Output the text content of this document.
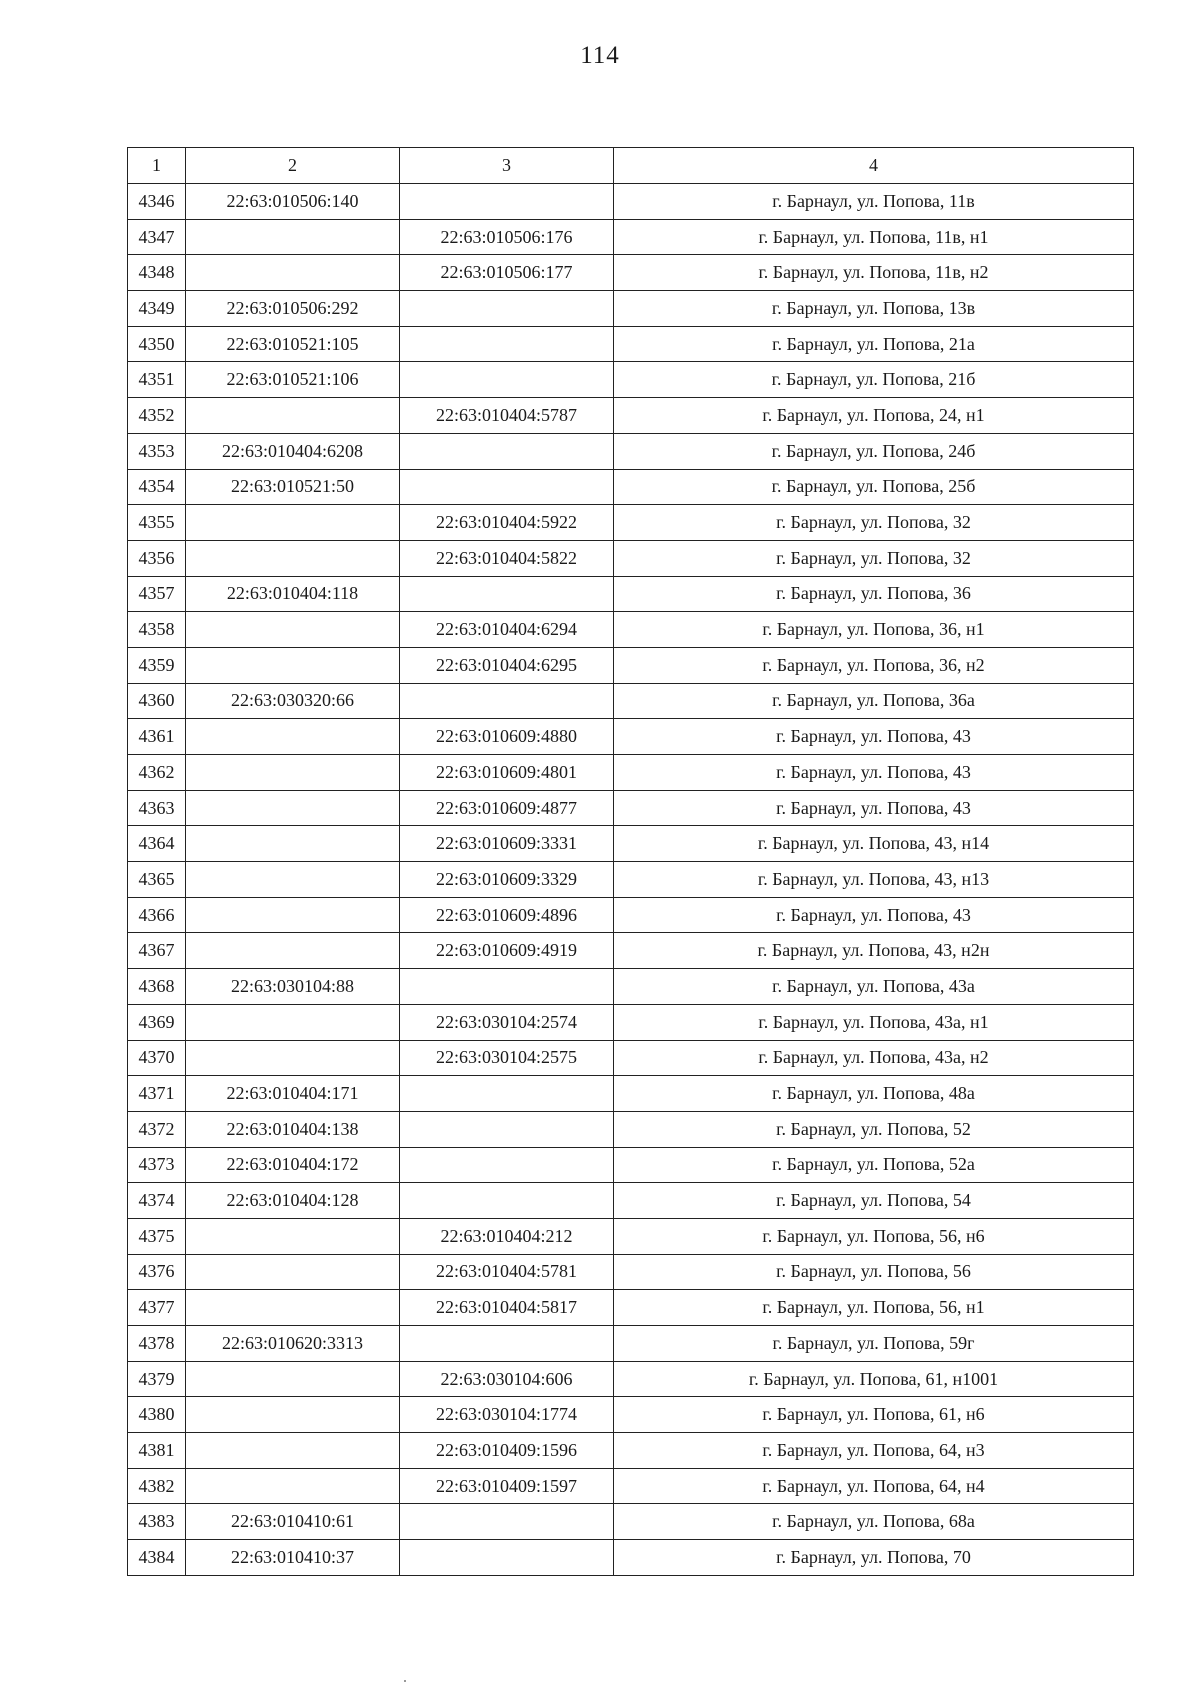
114
1	2	3	4
4346	22:63:010506:140		г. Барнаул, ул. Попова, 11в
4347		22:63:010506:176	г. Барнаул, ул. Попова, 11в, н1
4348		22:63:010506:177	г. Барнаул, ул. Попова, 11в, н2
4349	22:63:010506:292		г. Барнаул, ул. Попова, 13в
4350	22:63:010521:105		г. Барнаул, ул. Попова, 21а
4351	22:63:010521:106		г. Барнаул, ул. Попова, 21б
4352		22:63:010404:5787	г. Барнаул, ул. Попова, 24, н1
4353	22:63:010404:6208		г. Барнаул, ул. Попова, 24б
4354	22:63:010521:50		г. Барнаул, ул. Попова, 25б
4355		22:63:010404:5922	г. Барнаул, ул. Попова, 32
4356		22:63:010404:5822	г. Барнаул, ул. Попова, 32
4357	22:63:010404:118		г. Барнаул, ул. Попова, 36
4358		22:63:010404:6294	г. Барнаул, ул. Попова, 36, н1
4359		22:63:010404:6295	г. Барнаул, ул. Попова, 36, н2
4360	22:63:030320:66		г. Барнаул, ул. Попова, 36а
4361		22:63:010609:4880	г. Барнаул, ул. Попова, 43
4362		22:63:010609:4801	г. Барнаул, ул. Попова, 43
4363		22:63:010609:4877	г. Барнаул, ул. Попова, 43
4364		22:63:010609:3331	г. Барнаул, ул. Попова, 43, н14
4365		22:63:010609:3329	г. Барнаул, ул. Попова, 43, н13
4366		22:63:010609:4896	г. Барнаул, ул. Попова, 43
4367		22:63:010609:4919	г. Барнаул, ул. Попова, 43, н2н
4368	22:63:030104:88		г. Барнаул, ул. Попова, 43а
4369		22:63:030104:2574	г. Барнаул, ул. Попова, 43а, н1
4370		22:63:030104:2575	г. Барнаул, ул. Попова, 43а, н2
4371	22:63:010404:171		г. Барнаул, ул. Попова, 48а
4372	22:63:010404:138		г. Барнаул, ул. Попова, 52
4373	22:63:010404:172		г. Барнаул, ул. Попова, 52а
4374	22:63:010404:128		г. Барнаул, ул. Попова, 54
4375		22:63:010404:212	г. Барнаул, ул. Попова, 56, н6
4376		22:63:010404:5781	г. Барнаул, ул. Попова, 56
4377		22:63:010404:5817	г. Барнаул, ул. Попова, 56, н1
4378	22:63:010620:3313		г. Барнаул, ул. Попова, 59г
4379		22:63:030104:606	г. Барнаул, ул. Попова, 61, н1001
4380		22:63:030104:1774	г. Барнаул, ул. Попова, 61, н6
4381		22:63:010409:1596	г. Барнаул, ул. Попова, 64, н3
4382		22:63:010409:1597	г. Барнаул, ул. Попова, 64, н4
4383	22:63:010410:61		г. Барнаул, ул. Попова, 68а
4384	22:63:010410:37		г. Барнаул, ул. Попова, 70
